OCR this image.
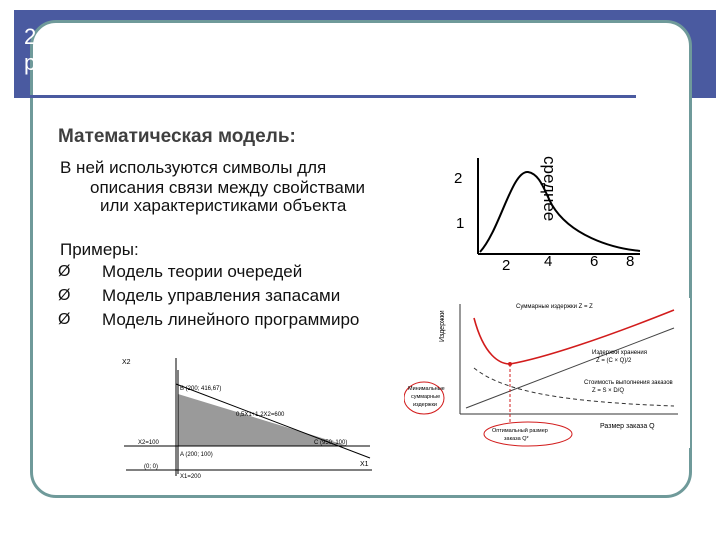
2.2. Модели, методология и организация процесса
разработки управленческого решения
Математическая модель:
В ней используются символы для
описания связи между свойствами
или характеристиками объекта
Примеры:
Ø Модель теории очередей
Ø Модель управления запасами
Ø Модель линейного программиро
2
1
2 4	6 8
среднее
Издержки
Размер заказа Q
Суммарные издержки Z = Z
Издержки хранения
Z = (C × Q)/2
Стоимость выполнения заказов
Z = S × D/Q
Минимальные
суммарные
издержки
Оптимальный размер
заказа Q*
X2
X1
B (200; 416,67)
0,5X1+1,2X2=600
X2=100	C (950; 100)
A (200; 100)
(0; 0)
X1=200
